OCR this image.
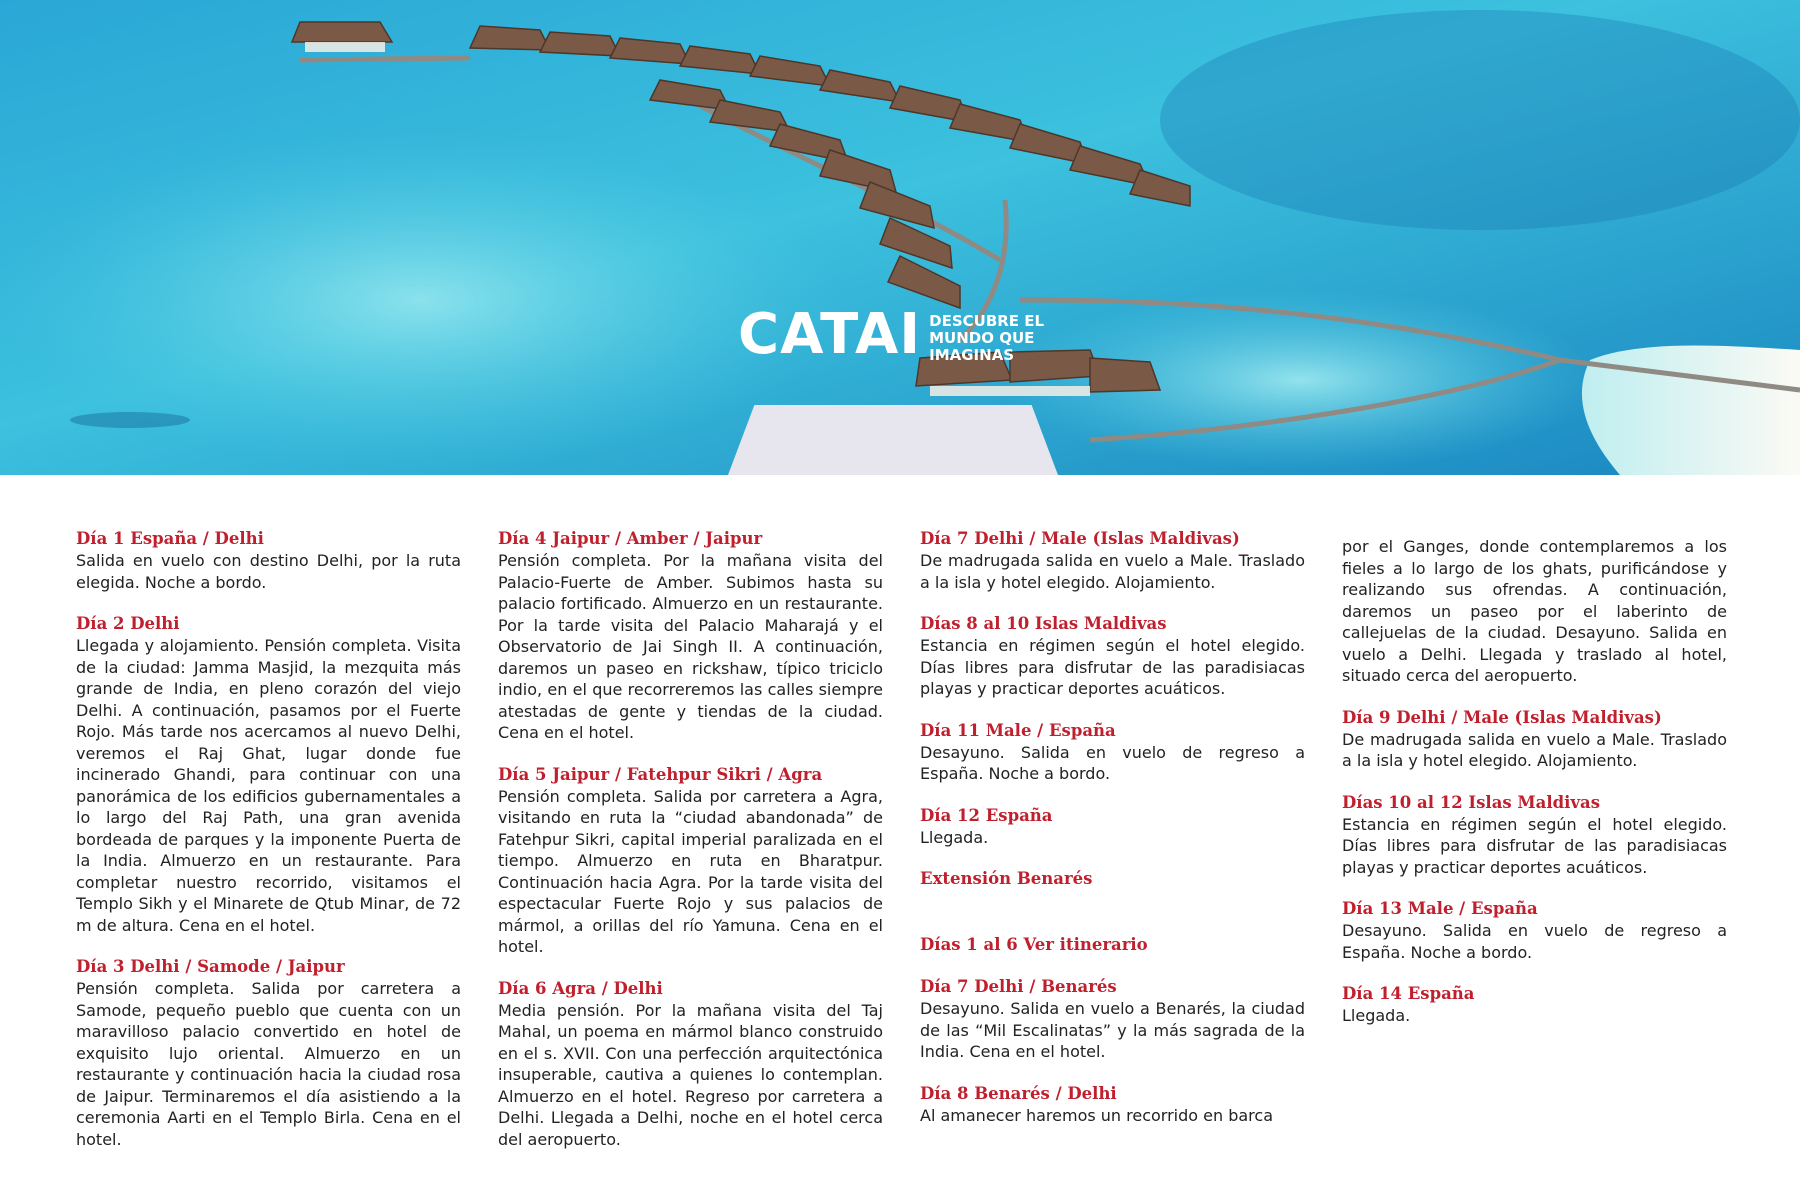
CATAI DESCUBRE EL
MUNDO QUE
IMAGINAS
Día 1 España / Delhi
Salida en vuelo con destino Delhi, por la ruta elegida. Noche a bordo.
Día 2 Delhi
Llegada y alojamiento. Pensión completa. Visita de la ciudad: Jamma Masjid, la mezquita más grande de India, en pleno corazón del viejo Delhi. A continuación, pasamos por el Fuerte Rojo. Más tarde nos acercamos al nuevo Delhi, veremos el Raj Ghat, lugar donde fue incinerado Ghandi, para continuar con una panorámica de los edificios gubernamentales a lo largo del Raj Path, una gran avenida bordeada de parques y la imponente Puerta de la India. Almuerzo en un restaurante. Para completar nuestro recorrido, visitamos el Templo Sikh y el Minarete de Qtub Minar, de 72 m de altura. Cena en el hotel.
Día 3 Delhi / Samode / Jaipur
Pensión completa. Salida por carretera a Samode, pequeño pueblo que cuenta con un maravilloso palacio convertido en hotel de exquisito lujo oriental. Almuerzo en un restaurante y continuación hacia la ciudad rosa de Jaipur. Terminaremos el día asistiendo a la ceremonia Aarti en el Templo Birla. Cena en el hotel.
Día 4 Jaipur / Amber / Jaipur
Pensión completa. Por la mañana visita del Palacio-Fuerte de Amber. Subimos hasta su palacio fortificado. Almuerzo en un restaurante. Por la tarde visita del Palacio Maharajá y el Observatorio de Jai Singh II. A continuación, daremos un paseo en rickshaw, típico triciclo indio, en el que recorreremos las calles siempre atestadas de gente y tiendas de la ciudad. Cena en el hotel.
Día 5 Jaipur / Fatehpur Sikri / Agra
Pensión completa. Salida por carretera a Agra, visitando en ruta la “ciudad abandonada” de Fatehpur Sikri, capital imperial paralizada en el tiempo. Almuerzo en ruta en Bharatpur. Continuación hacia Agra. Por la tarde visita del espectacular Fuerte Rojo y sus palacios de mármol, a orillas del río Yamuna. Cena en el hotel.
Día 6 Agra / Delhi
Media pensión. Por la mañana visita del Taj Mahal, un poema en mármol blanco construido en el s. XVII. Con una perfección arquitectónica insuperable, cautiva a quienes lo contemplan. Almuerzo en el hotel. Regreso por carretera a Delhi. Llegada a Delhi, noche en el hotel cerca del aeropuerto.
Día 7 Delhi / Male (Islas Maldivas)
De madrugada salida en vuelo a Male. Traslado a la isla y hotel elegido. Alojamiento.
Días 8 al 10 Islas Maldivas
Estancia en régimen según el hotel elegido. Días libres para disfrutar de las paradisiacas playas y practicar deportes acuáticos.
Día 11 Male / España
Desayuno. Salida en vuelo de regreso a España. Noche a bordo.
Día 12 España
Llegada.
Extensión Benarés
Días 1 al 6 Ver itinerario
Día 7 Delhi / Benarés
Desayuno. Salida en vuelo a Benarés, la ciudad de las “Mil Escalinatas” y la más sagrada de la India. Cena en el hotel.
Día 8 Benarés / Delhi
Al amanecer haremos un recorrido en barca
por el Ganges, donde contemplaremos a los fieles a lo largo de los ghats, purificándose y realizando sus ofrendas. A continuación, daremos un paseo por el laberinto de callejuelas de la ciudad. Desayuno. Salida en vuelo a Delhi. Llegada y traslado al hotel, situado cerca del aeropuerto.
Día 9 Delhi / Male (Islas Maldivas)
De madrugada salida en vuelo a Male. Traslado a la isla y hotel elegido. Alojamiento.
Días 10 al 12 Islas Maldivas
Estancia en régimen según el hotel elegido. Días libres para disfrutar de las paradisiacas playas y practicar deportes acuáticos.
Día 13 Male / España
Desayuno. Salida en vuelo de regreso a España. Noche a bordo.
Día 14 España
Llegada.
